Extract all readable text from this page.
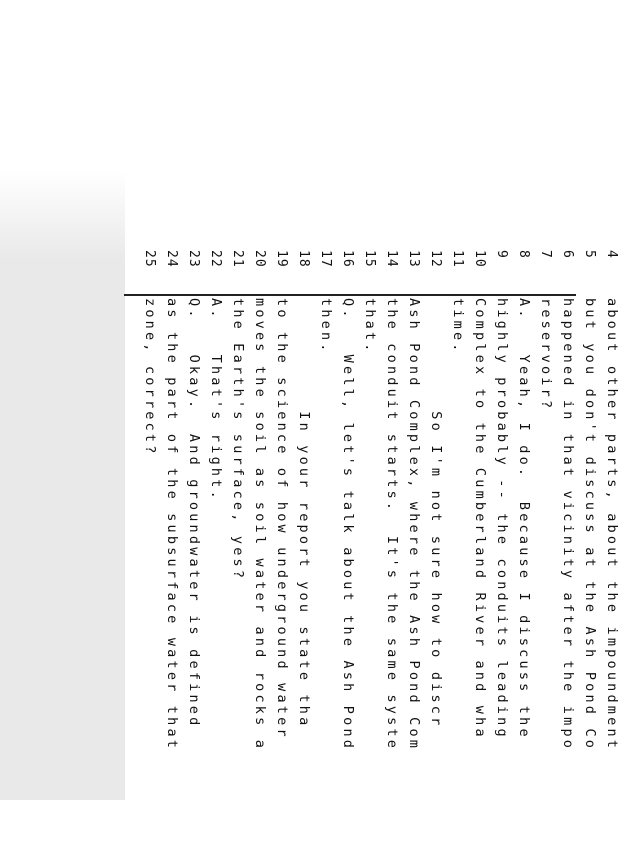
4
5
6
7
8
9
10
11
12
13
14
15
16
17
18
19
20
21
22
23
24
25
about other parts, about the impoundment
but you don't discuss at the Ash Pond Co
happened in that vicinity after the impo
reservoir?
A.   Yeah, I do.  Because I discuss the
highly probably -- the conduits leading
Complex to the Cumberland River and wha
time.
So I'm not sure how to discr
Ash Pond Complex, where the Ash Pond Com
the conduit starts.  It's the same syste
that.
Q.   Well, let's talk about the Ash Pond
then.
In your report you state tha
to the science of how underground water
moves the soil as soil water and rocks a
the Earth's surface, yes?
A.   That's right.
Q.   Okay.  And groundwater is defined
as the part of the subsurface water that
zone, correct?
